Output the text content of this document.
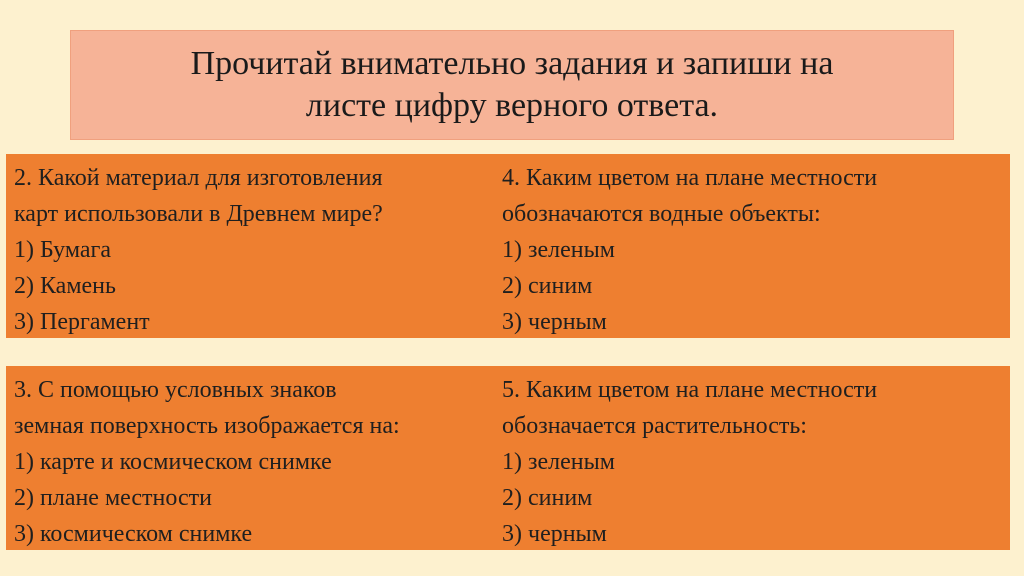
Прочитай внимательно задания и запиши на
листе цифру верного ответа.
2. Какой материал для изготовления
карт использовали в Древнем мире?
1) Бумага
2) Камень
3) Пергамент
4. Каким цветом на плане местности
обозначаются водные объекты:
1) зеленым
2) синим
3) черным
3. С помощью условных знаков
земная поверхность изображается на:
1) карте и космическом снимке
2) плане местности
3) космическом снимке
5. Каким цветом на плане местности
обозначается растительность:
1) зеленым
2) синим
3) черным
